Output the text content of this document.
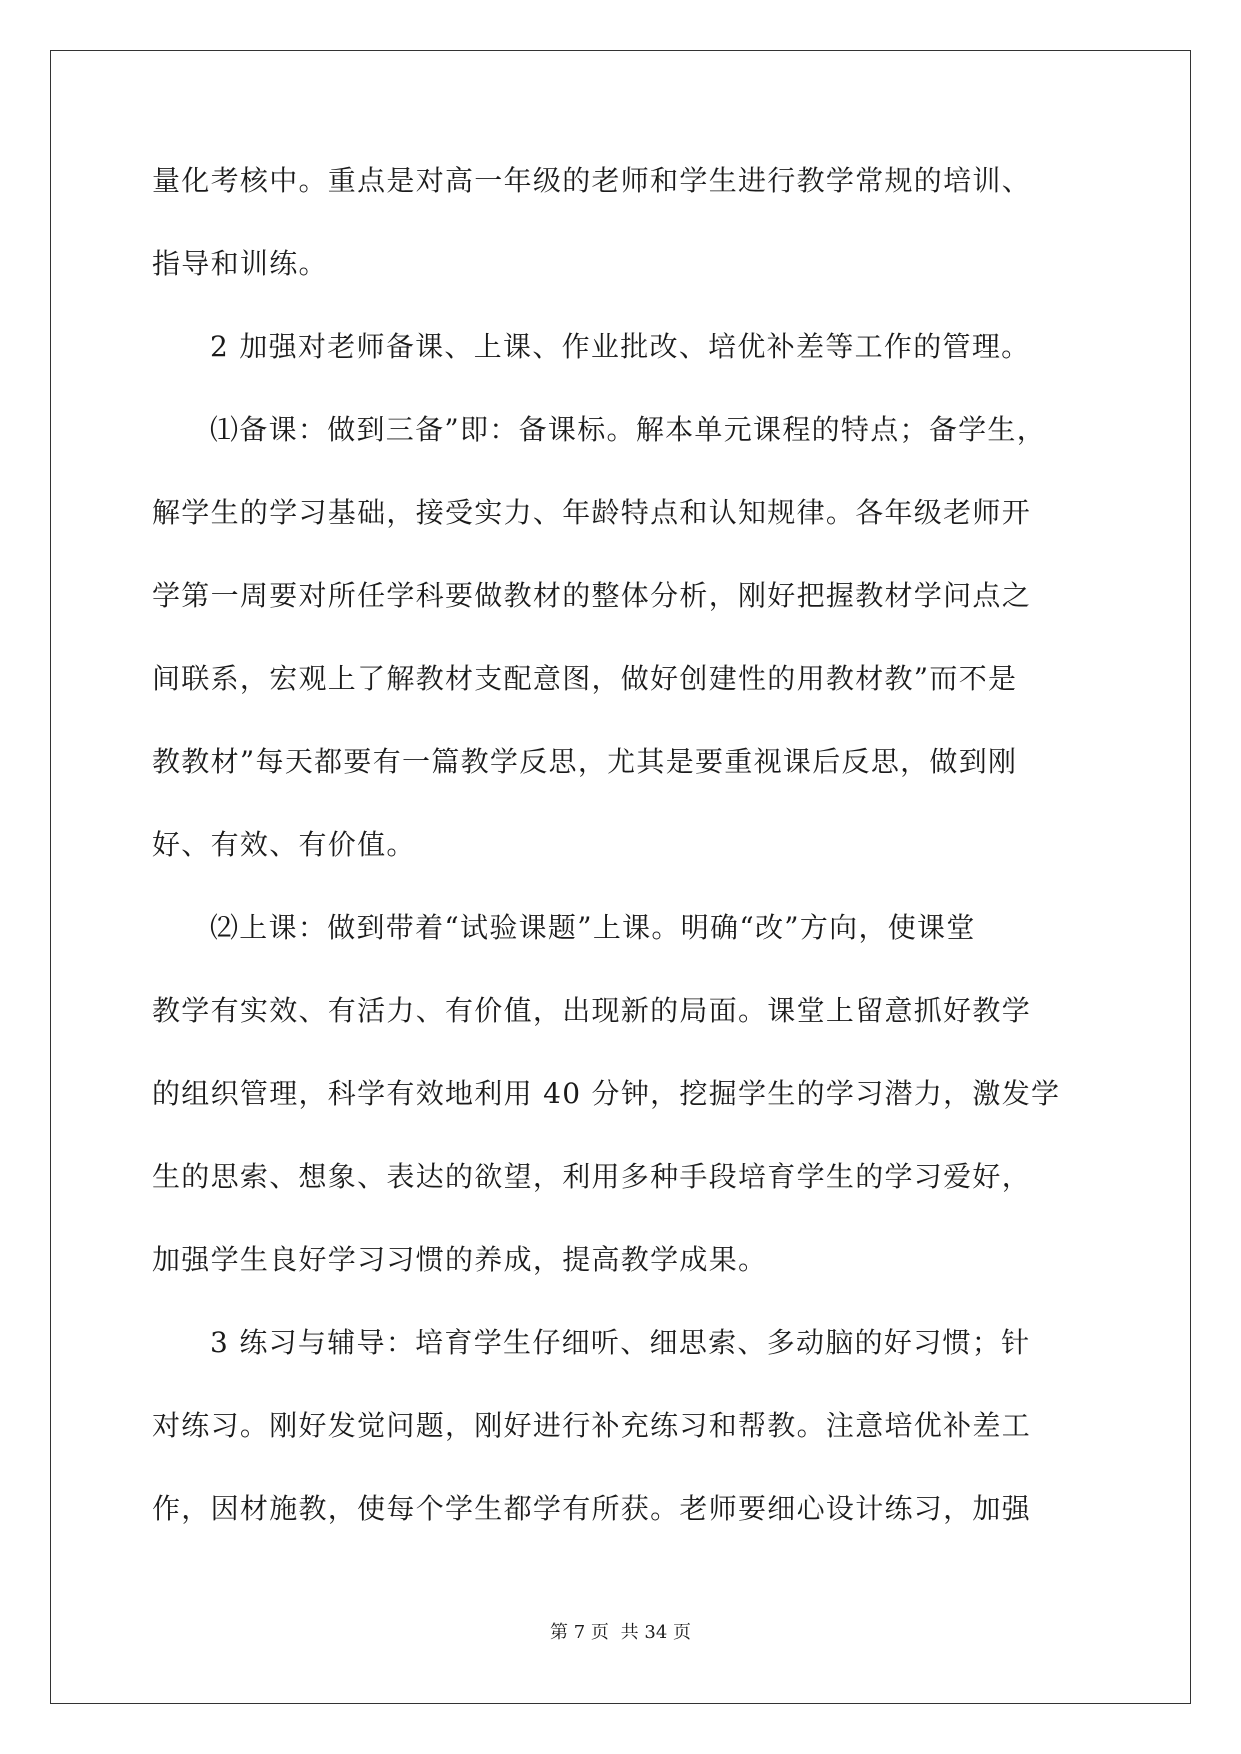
量化考核中。重点是对高一年级的老师和学生进行教学常规的培训、
指导和训练。
2 加强对老师备课、上课、作业批改、培优补差等工作的管理。
⑴备课：做到三备”即：备课标。解本单元课程的特点；备学生，
解学生的学习基础，接受实力、年龄特点和认知规律。各年级老师开
学第一周要对所任学科要做教材的整体分析，刚好把握教材学问点之
间联系，宏观上了解教材支配意图，做好创建性的用教材教”而不是
教教材”每天都要有一篇教学反思，尤其是要重视课后反思，做到刚
好、有效、有价值。
⑵上课：做到带着“试验课题”上课。明确“改”方向，使课堂
教学有实效、有活力、有价值，出现新的局面。课堂上留意抓好教学
的组织管理，科学有效地利用 40 分钟，挖掘学生的学习潜力，激发学
生的思索、想象、表达的欲望，利用多种手段培育学生的学习爱好，
加强学生良好学习习惯的养成，提高教学成果。
3 练习与辅导：培育学生仔细听、细思索、多动脑的好习惯；针
对练习。刚好发觉问题，刚好进行补充练习和帮教。注意培优补差工
作，因材施教，使每个学生都学有所获。老师要细心设计练习，加强
第 7 页 共 34 页
